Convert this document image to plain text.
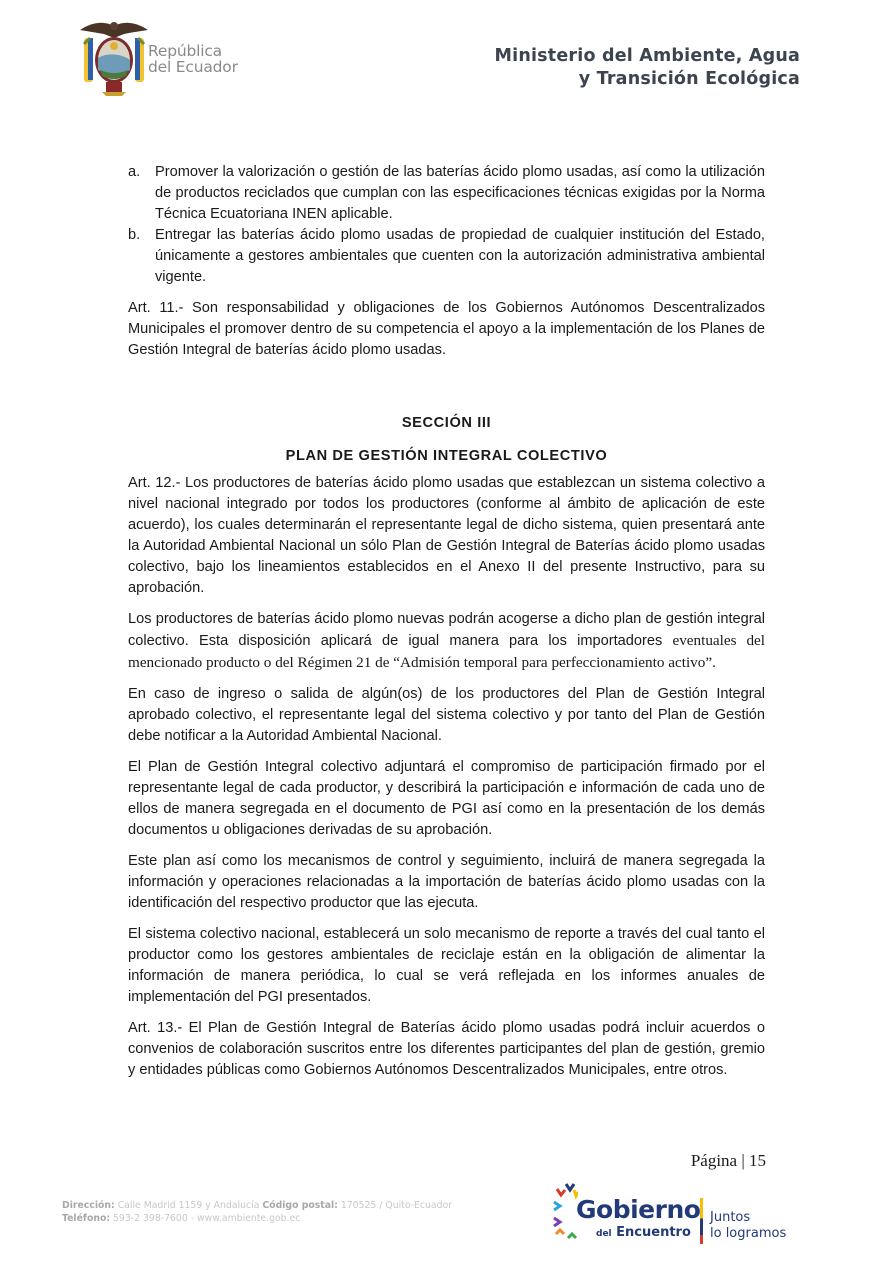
República
del Ecuador
Ministerio del Ambiente, Agua
y Transición Ecológica
a.	Promover la valorización o gestión de las baterías ácido plomo usadas, así como la utilización de productos reciclados que cumplan con las especificaciones técnicas exigidas por la Norma Técnica Ecuatoriana INEN aplicable.
b.	Entregar las baterías ácido plomo usadas de propiedad de cualquier institución del Estado, únicamente a gestores ambientales que cuenten con la autorización administrativa ambiental vigente.

Art. 11.- Son responsabilidad y obligaciones de los Gobiernos Autónomos Descentralizados Municipales el promover dentro de su competencia el apoyo a la implementación de los Planes de Gestión Integral de baterías ácido plomo usadas.

SECCIÓN III
PLAN DE GESTIÓN INTEGRAL COLECTIVO

Art. 12.- Los productores de baterías ácido plomo usadas que establezcan un sistema colectivo a nivel nacional integrado por todos los productores (conforme al ámbito de aplicación de este acuerdo), los cuales determinarán el representante legal de dicho sistema, quien presentará ante la Autoridad Ambiental Nacional un sólo Plan de Gestión Integral de Baterías ácido plomo usadas colectivo, bajo los lineamientos establecidos en el Anexo II del presente Instructivo, para su aprobación.

Los productores de baterías ácido plomo nuevas podrán acogerse a dicho plan de gestión integral colectivo. Esta disposición aplicará de igual manera para los importadores eventuales del mencionado producto o del Régimen 21 de “Admisión temporal para perfeccionamiento activo”.

En caso de ingreso o salida de algún(os) de los productores del Plan de Gestión Integral aprobado colectivo, el representante legal del sistema colectivo y por tanto del Plan de Gestión debe notificar a la Autoridad Ambiental Nacional.

El Plan de Gestión Integral colectivo adjuntará el compromiso de participación firmado por el representante legal de cada productor, y describirá la participación e información de cada uno de ellos de manera segregada en el documento de PGI así como en la presentación de los demás documentos u obligaciones derivadas de su aprobación.

Este plan así como los mecanismos de control y seguimiento, incluirá de manera segregada la información y operaciones relacionadas a la importación de baterías ácido plomo usadas con la identificación del respectivo productor que las ejecuta.

El sistema colectivo nacional, establecerá un solo mecanismo de reporte a través del cual tanto el productor como los gestores ambientales de reciclaje están en la obligación de alimentar la información de manera periódica, lo cual se verá reflejada en los informes anuales de implementación del PGI presentados.

Art. 13.- El Plan de Gestión Integral de Baterías ácido plomo usadas podrá incluir acuerdos o convenios de colaboración suscritos entre los diferentes participantes del plan de gestión, gremio y entidades públicas como Gobiernos Autónomos Descentralizados Municipales, entre otros.

Página | 15
Dirección: Calle Madrid 1159 y Andalucía Código postal: 170525 / Quito-Ecuador
Teléfono: 593-2 398-7600 - www.ambiente.gob.ec	Gobierno
del Encuentro
Juntos
lo logramos
